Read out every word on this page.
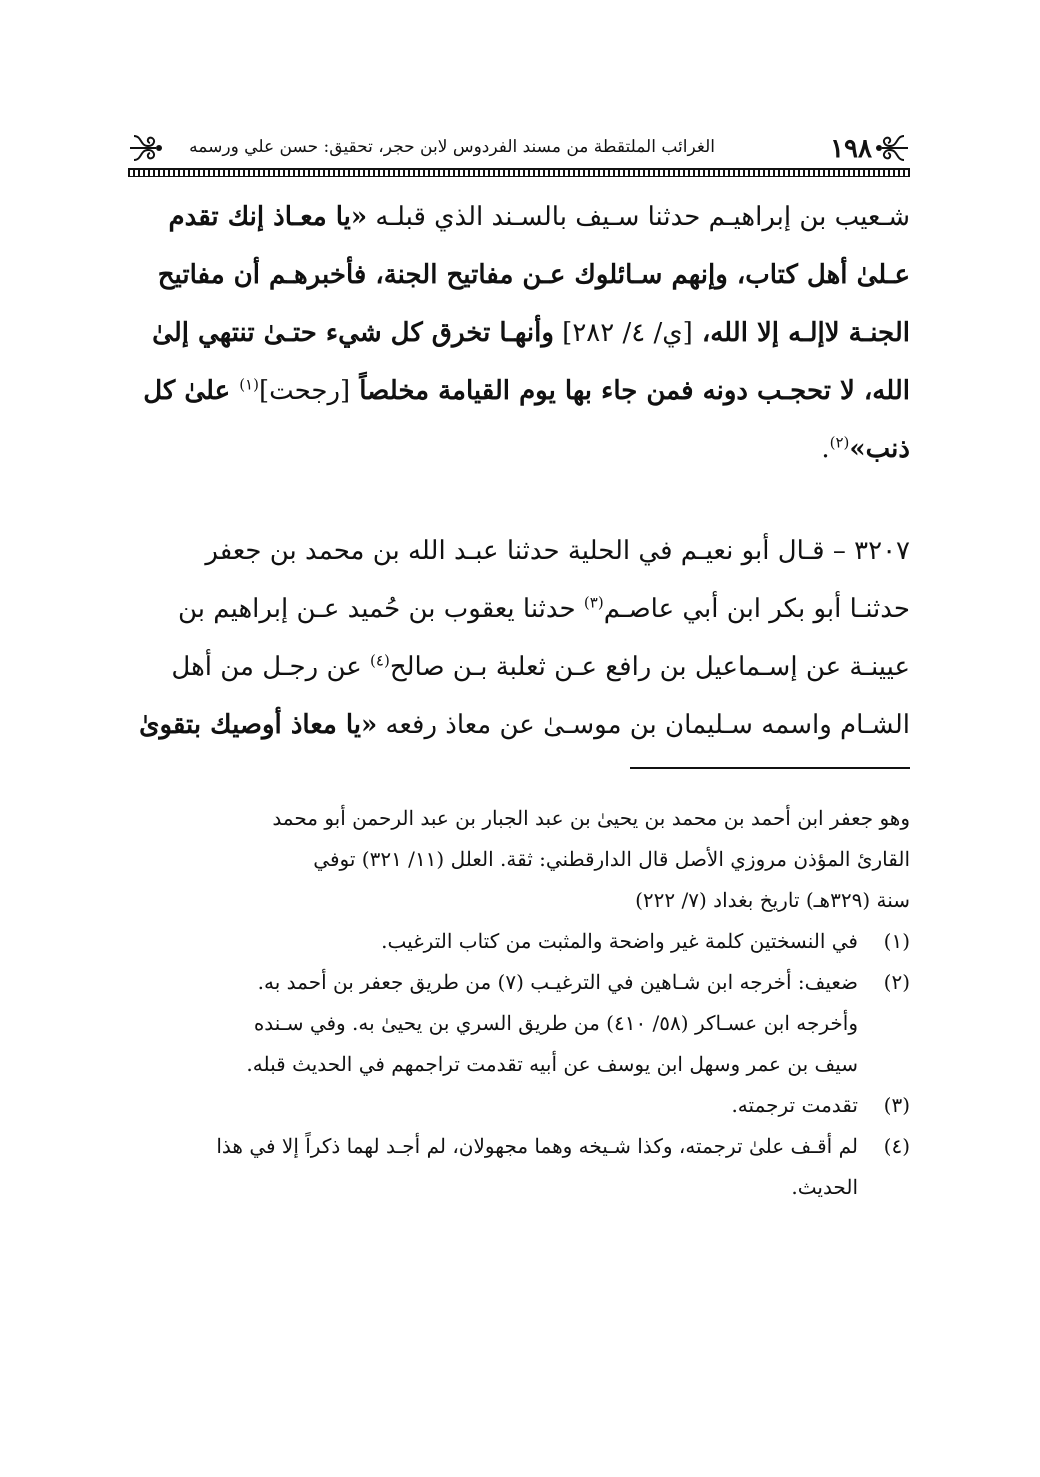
١٩٨
الغرائب الملتقطة من مسند الفردوس لابن حجر، تحقيق: حسن علي ورسمه
شـعيب بن إبراهيـم حدثنا سـيف بالسـند الذي قبلـه «يا معـاذ إنك تقدم
عـلىٰ أهل كتاب، وإنهم سـائلوك عـن مفاتيح الجنة، فأخبرهـم أن مفاتيح
الجنـة لاإلـه إلا الله، [ي/ ٤/ ٢٨٢] وأنهـا تخرق كل شيء حتـىٰ تنتهي إلىٰ
الله، لا تحجـب دونه فمن جاء بها يوم القيامة مخلصاً [رجحت]$^{(١)}$ علىٰ كل
ذنب»$^{(٢)}$.
٣٢٠٧ – قـال أبو نعيـم في الحلية حدثنا عبـد الله بن محمد بن جعفر
حدثنـا أبو بكر ابن أبي عاصـم$^{(٣)}$ حدثنا يعقوب بن حُميد عـن إبراهيم بن
عيينـة عن إسـماعيل بن رافع عـن ثعلبة بـن صالح$^{(٤)}$ عن رجـل من أهل
الشـام واسمه سـليمان بن موسـىٰ عن معاذ رفعه «يا معاذ أوصيك بتقوىٰ
وهو جعفر ابن أحمد بن محمد بن يحيىٰ بن عبد الجبار بن عبد الرحمن أبو محمد
القارئ المؤذن مروزي الأصل قال الدارقطني: ثقة. العلل (١١/ ٣٢١) توفي
سنة (٣٢٩هـ) تاريخ بغداد (٧/ ٢٢٢)
(١)في النسختين كلمة غير واضحة والمثبت من كتاب الترغيب.
(٢)ضعيف: أخرجه ابن شـاهين في الترغيـب (٧) من طريق جعفر بن أحمد به.
وأخرجه ابن عسـاكر (٥٨/ ٤١٠) من طريق السري بن يحيىٰ به. وفي سـنده
سيف بن عمر وسهل ابن يوسف عن أبيه تقدمت تراجمهم في الحديث قبله.
(٣)تقدمت ترجمته.
(٤)لم أقـف علىٰ ترجمته، وكذا شـيخه وهما مجهولان، لم أجـد لهما ذكراً إلا في هذا
الحديث.
